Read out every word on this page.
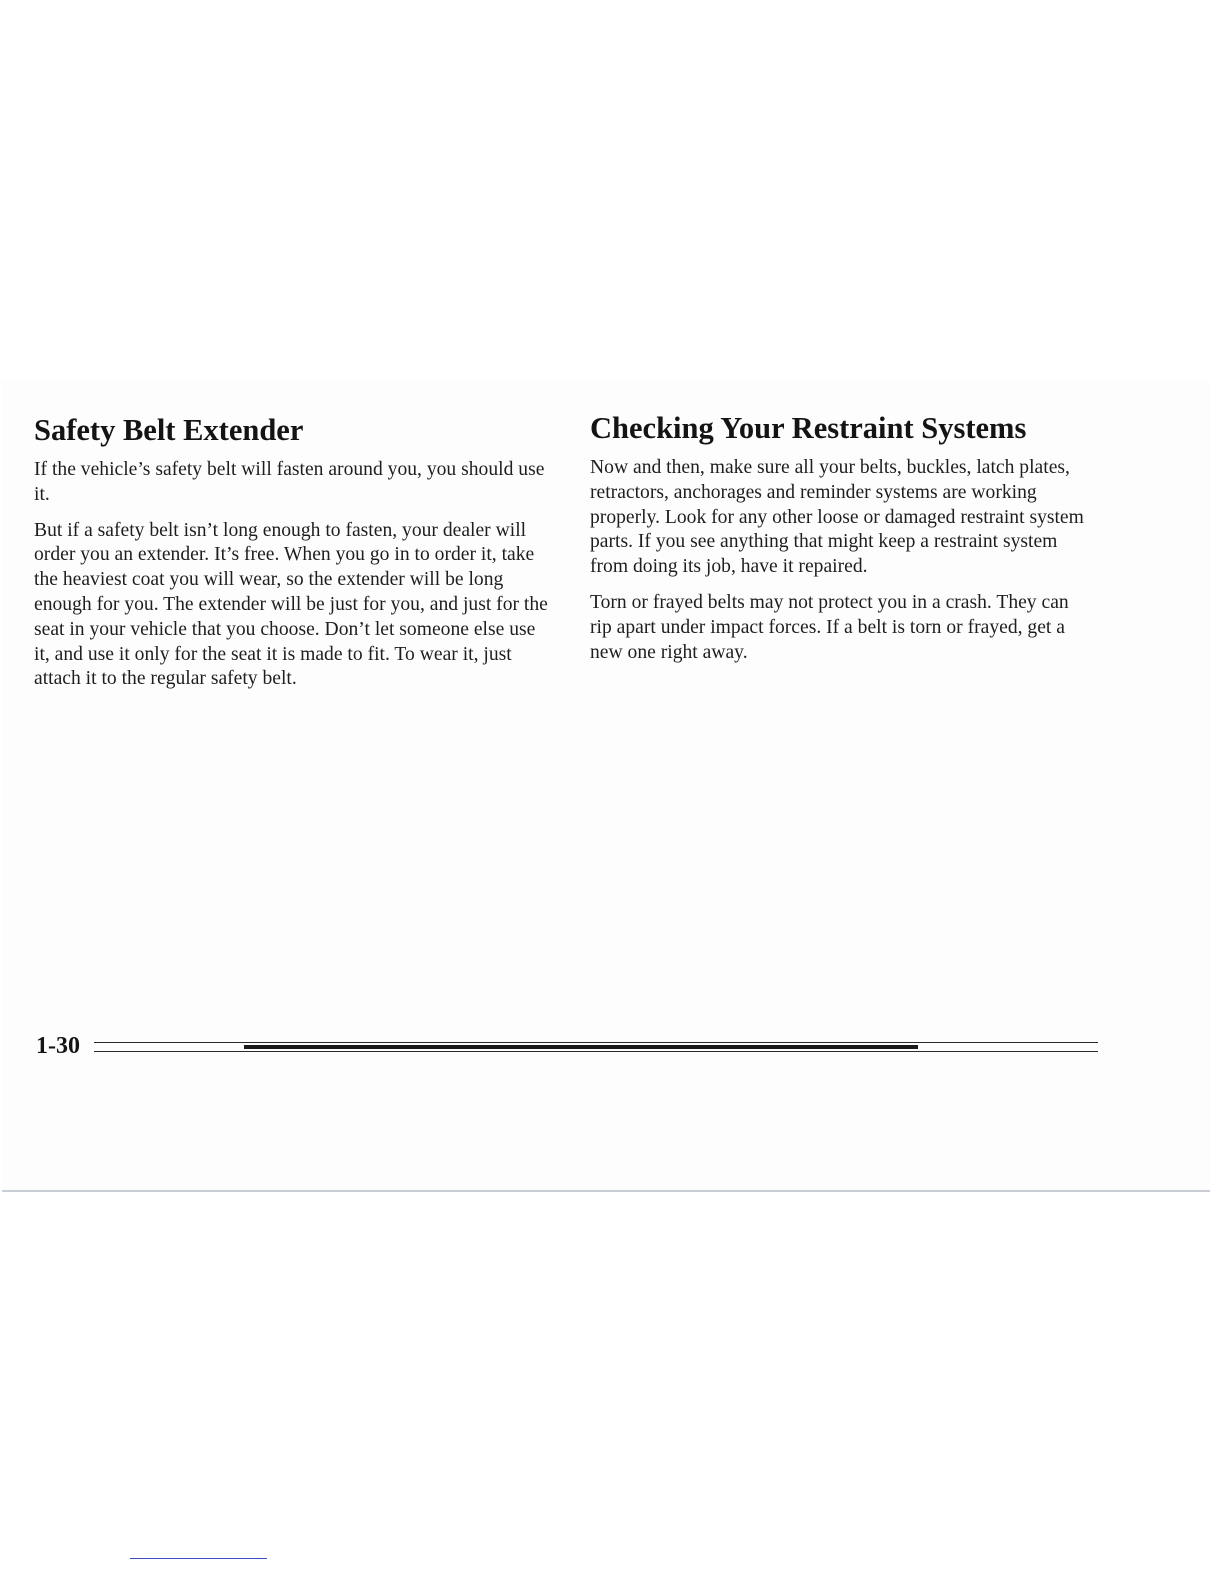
Safety Belt Extender

If the vehicle’s safety belt will fasten around you, you should use it.

But if a safety belt isn’t long enough to fasten, your dealer will order you an extender. It’s free. When you go in to order it, take the heaviest coat you will wear, so the extender will be long enough for you. The extender will be just for you, and just for the seat in your vehicle that you choose. Don’t let someone else use it, and use it only for the seat it is made to fit. To wear it, just attach it to the regular safety belt.

Checking Your Restraint Systems

Now and then, make sure all your belts, buckles, latch plates, retractors, anchorages and reminder systems are working properly. Look for any other loose or damaged restraint system parts. If you see anything that might keep a restraint system from doing its job, have it repaired.

Torn or frayed belts may not protect you in a crash. They can rip apart under impact forces. If a belt is torn or frayed, get a new one right away.

1-30
